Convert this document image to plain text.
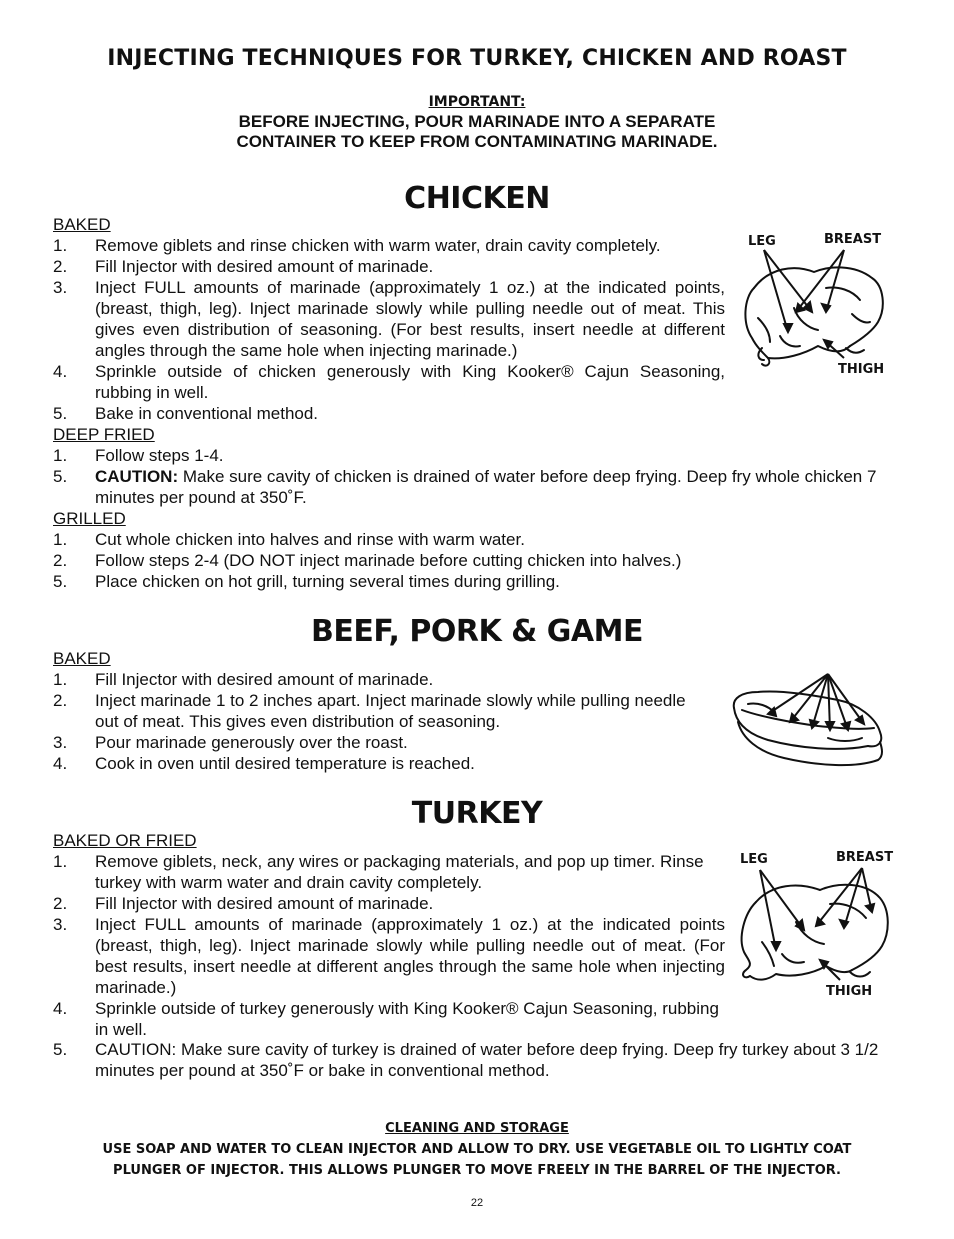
INJECTING TECHNIQUES FOR TURKEY, CHICKEN AND ROAST
IMPORTANT:
BEFORE INJECTING, POUR MARINADE INTO A SEPARATE
CONTAINER TO KEEP FROM CONTAMINATING MARINADE.
CHICKEN
BAKED
1.	Remove giblets and rinse chicken with warm water, drain cavity completely.
2.	Fill Injector with desired amount of marinade.
3.	Inject FULL amounts of marinade (approximately 1 oz.) at the indicated points, (breast, thigh, leg). Inject marinade slowly while pulling needle out of meat. This gives even distribution of seasoning. (For best results, insert needle at different angles through the same hole when injecting marinade.)
4.	Sprinkle outside of chicken generously with King Kooker® Cajun Seasoning, rubbing in well.
5.	Bake in conventional method.
DEEP FRIED
1.	Follow steps 1-4.
5.	CAUTION: Make sure cavity of chicken is drained of water before deep frying. Deep fry whole chicken 7 minutes per pound at 350˚F.
GRILLED
1.	Cut whole chicken into halves and rinse with warm water.
2.	Follow steps 2-4 (DO NOT inject marinade before cutting chicken into halves.)
5.	Place chicken on hot grill, turning several times during grilling.
LEG	BREAST
THIGH
BEEF, PORK & GAME
BAKED
1.	Fill Injector with desired amount of marinade.
2.	Inject marinade 1 to 2 inches apart. Inject marinade slowly while pulling needle out of meat. This gives even distribution of seasoning.
3.	Pour marinade generously over the roast.
4.	Cook in oven until desired temperature is reached.
TURKEY
BAKED OR FRIED
1.	Remove giblets, neck, any wires or packaging materials, and pop up timer. Rinse turkey with warm water and drain cavity completely.
2.	Fill Injector with desired amount of marinade.
3.	Inject FULL amounts of marinade (approximately 1 oz.) at the indicated points (breast, thigh, leg). Inject marinade slowly while pulling needle out of meat. (For best results, insert needle at different angles through the same hole when injecting marinade.)
4.	Sprinkle outside of turkey generously with King Kooker® Cajun Seasoning, rubbing in well.
5.	CAUTION: Make sure cavity of turkey is drained of water before deep frying. Deep fry turkey about 3 1/2 minutes per pound at 350˚F or bake in conventional method.
LEG	BREAST
THIGH
CLEANING AND STORAGE
USE SOAP AND WATER TO CLEAN INJECTOR AND ALLOW TO DRY. USE VEGETABLE OIL TO LIGHTLY COAT
PLUNGER OF INJECTOR. THIS ALLOWS PLUNGER TO MOVE FREELY IN THE BARREL OF THE INJECTOR.
22
